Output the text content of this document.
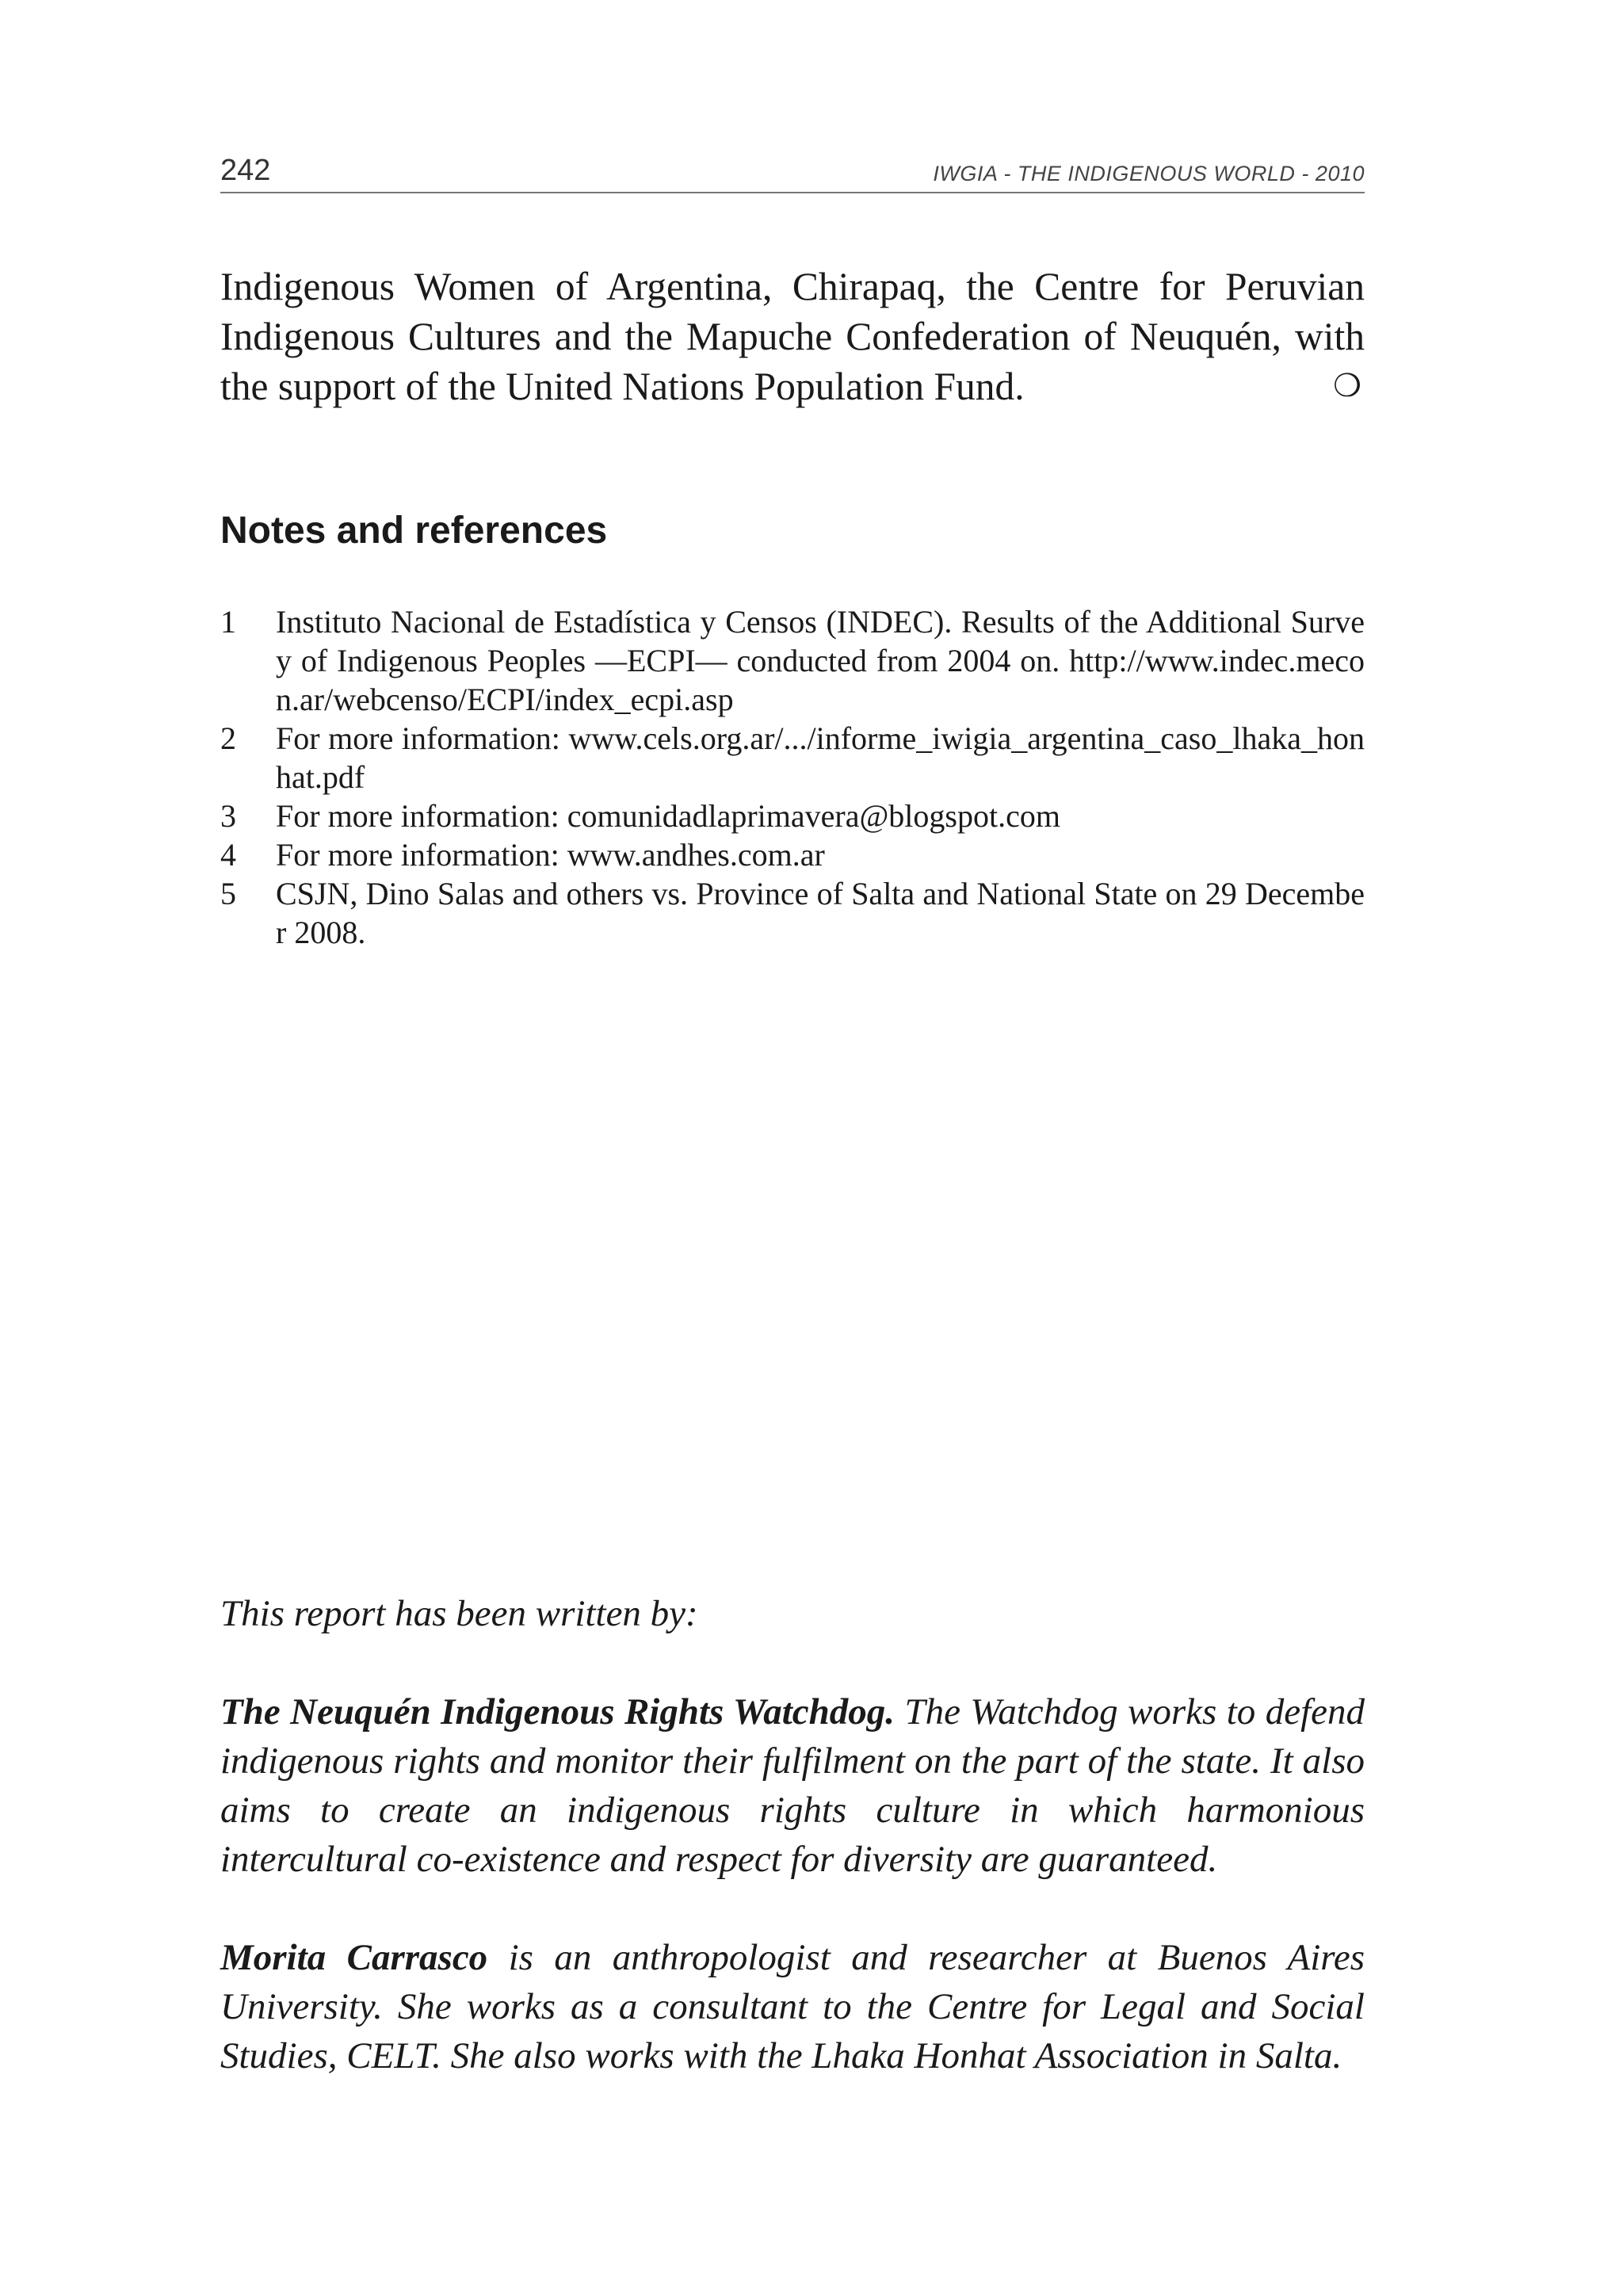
242	IWGIA - THE INDIGENOUS WORLD - 2010

Indigenous Women of Argentina, Chirapaq, the Centre for Peruvian Indigenous Cultures and the Mapuche Confederation of Neuquén, with the support of the United Nations Population Fund.	❍

Notes and references
1 Instituto Nacional de Estadística y Censos (INDEC). Results of the Additional Survey of Indigenous Peoples —ECPI— conducted from 2004 on. http://www.indec.mecon.ar/webcenso/ECPI/index_ecpi.asp
2 For more information: www.cels.org.ar/.../informe_iwigia_argentina_caso_lhaka_honhat.pdf
3 For more information: comunidadlaprimavera@blogspot.com
4 For more information: www.andhes.com.ar
5 CSJN, Dino Salas and others vs. Province of Salta and National State on 29 December 2008.

This report has been written by:

The Neuquén Indigenous Rights Watchdog. The Watchdog works to defend indigenous rights and monitor their fulfilment on the part of the state. It also aims to create an indigenous rights culture in which harmonious intercultural co-existence and respect for diversity are guaranteed.

Morita Carrasco is an anthropologist and researcher at Buenos Aires University. She works as a consultant to the Centre for Legal and Social Studies, CELT. She also works with the Lhaka Honhat Association in Salta.
